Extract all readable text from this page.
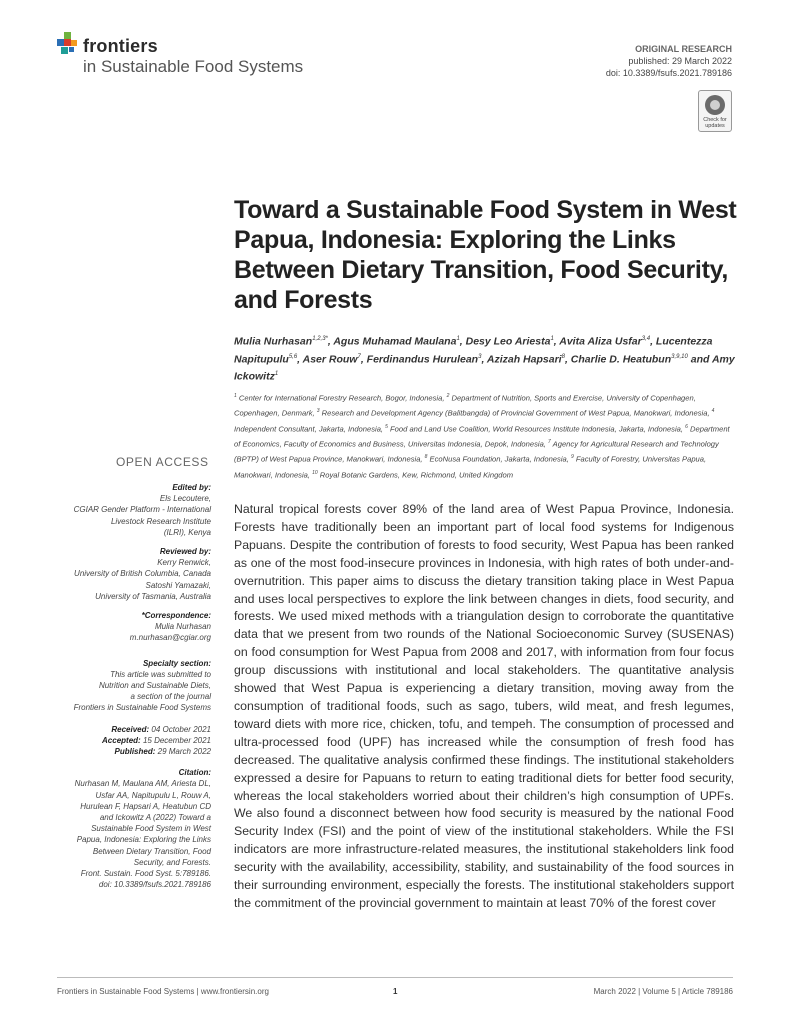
frontiers
in Sustainable Food Systems
ORIGINAL RESEARCH
published: 29 March 2022
doi: 10.3389/fsufs.2021.789186
Check for updates
Toward a Sustainable Food System in West Papua, Indonesia: Exploring the Links Between Dietary Transition, Food Security, and Forests
Mulia Nurhasan$^{1,2,3*}$, Agus Muhamad Maulana$^1$, Desy Leo Ariesta$^1$, Avita Aliza Usfar$^{3,4}$, Lucentezza Napitupulu$^{5,6}$, Aser Rouw$^7$, Ferdinandus Hurulean$^3$, Azizah Hapsari$^8$, Charlie D. Heatubun$^{3,9,10}$ and Amy Ickowitz$^1$
$^1$ Center for International Forestry Research, Bogor, Indonesia, $^2$ Department of Nutrition, Sports and Exercise, University of Copenhagen, Copenhagen, Denmark, $^3$ Research and Development Agency (Balitbangda) of Provincial Government of West Papua, Manokwari, Indonesia, $^4$ Independent Consultant, Jakarta, Indonesia, $^5$ Food and Land Use Coalition, World Resources Institute Indonesia, Jakarta, Indonesia, $^6$ Department of Economics, Faculty of Economics and Business, Universitas Indonesia, Depok, Indonesia, $^7$ Agency for Agricultural Research and Technology (BPTP) of West Papua Province, Manokwari, Indonesia, $^8$ EcoNusa Foundation, Jakarta, Indonesia, $^9$ Faculty of Forestry, Universitas Papua, Manokwari, Indonesia, $^{10}$ Royal Botanic Gardens, Kew, Richmond, United Kingdom
OPEN ACCESS
Edited by:
Els Lecoutere,
CGIAR Gender Platform - International
Livestock Research Institute
(ILRI), Kenya
Reviewed by:
Kerry Renwick,
University of British Columbia, Canada
Satoshi Yamazaki,
University of Tasmania, Australia
*Correspondence:
Mulia Nurhasan
m.nurhasan@cgiar.org
Specialty section:
This article was submitted to
Nutrition and Sustainable Diets,
a section of the journal
Frontiers in Sustainable Food Systems
Received: 04 October 2021
Accepted: 15 December 2021
Published: 29 March 2022
Citation:
Nurhasan M, Maulana AM, Ariesta DL,
Usfar AA, Napitupulu L, Rouw A,
Hurulean F, Hapsari A, Heatubun CD
and Ickowitz A (2022) Toward a
Sustainable Food System in West
Papua, Indonesia: Exploring the Links
Between Dietary Transition, Food
Security, and Forests.
Front. Sustain. Food Syst. 5:789186.
doi: 10.3389/fsufs.2021.789186
Natural tropical forests cover 89% of the land area of West Papua Province, Indonesia. Forests have traditionally been an important part of local food systems for Indigenous Papuans. Despite the contribution of forests to food security, West Papua has been ranked as one of the most food-insecure provinces in Indonesia, with high rates of both under-and-overnutrition. This paper aims to discuss the dietary transition taking place in West Papua and uses local perspectives to explore the link between changes in diets, food security, and forests. We used mixed methods with a triangulation design to corroborate the quantitative data that we present from two rounds of the National Socioeconomic Survey (SUSENAS) on food consumption for West Papua from 2008 and 2017, with information from four focus group discussions with institutional and local stakeholders. The quantitative analysis showed that West Papua is experiencing a dietary transition, moving away from the consumption of traditional foods, such as sago, tubers, wild meat, and fresh legumes, toward diets with more rice, chicken, tofu, and tempeh. The consumption of processed and ultra-processed food (UPF) has increased while the consumption of fresh food has decreased. The qualitative analysis confirmed these findings. The institutional stakeholders expressed a desire for Papuans to return to eating traditional diets for better food security, whereas the local stakeholders worried about their children’s high consumption of UPFs. We also found a disconnect between how food security is measured by the national Food Security Index (FSI) and the point of view of the institutional stakeholders. While the FSI indicators are more infrastructure-related measures, the institutional stakeholders link food security with the availability, accessibility, stability, and sustainability of the food sources in their surrounding environment, especially the forests. The institutional stakeholders support the commitment of the provincial government to maintain at least 70% of the forest cover
Frontiers in Sustainable Food Systems | www.frontiersin.org	1	March 2022 | Volume 5 | Article 789186
